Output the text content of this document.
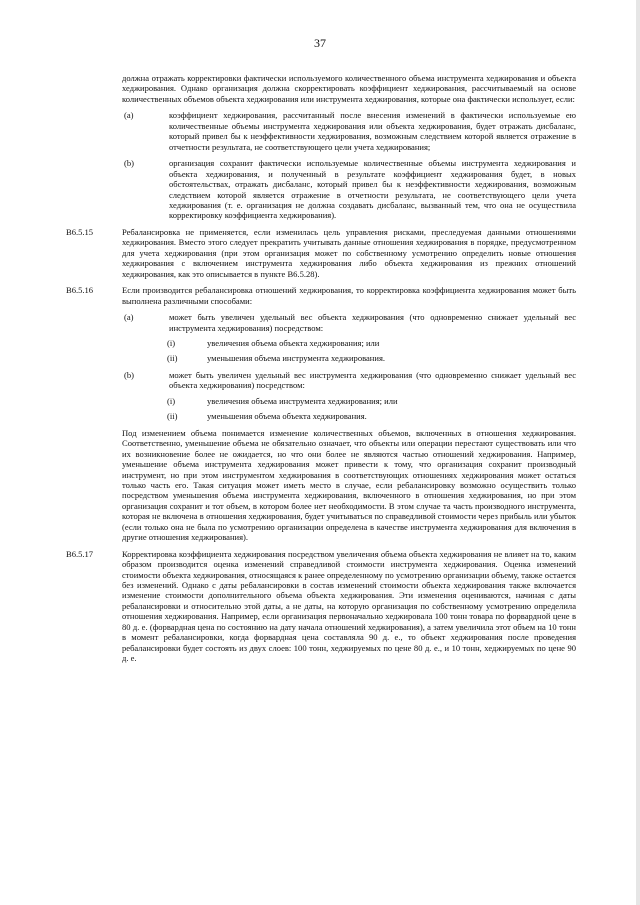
37

должна отражать корректировки фактически используемого количественного объема инструмента хеджирования и объекта хеджирования. Однако организация должна скорректировать коэффициент хеджирования, рассчитываемый на основе количественных объемов объекта хеджирования или инструмента хеджирования, которые она фактически использует, если:

(a)	коэффициент хеджирования, рассчитанный после внесения изменений в фактически используемые ею количественные объемы инструмента хеджирования или объекта хеджирования, будет отражать дисбаланс, который привел бы к неэффективности хеджирования, возможным следствием которой является отражение в отчетности результата, не соответствующего цели учета хеджирования;
(b)	организация сохранит фактически используемые количественные объемы инструмента хеджирования и объекта хеджирования, и полученный в результате коэффициент хеджирования будет, в новых обстоятельствах, отражать дисбаланс, который привел бы к неэффективности хеджирования, возможным следствием которой является отражение в отчетности результата, не соответствующего цели учета хеджирования (т. е. организация не должна создавать дисбаланс, вызванный тем, что она не осуществила корректировку коэффициента хеджирования).
B6.5.15	Ребалансировка не применяется, если изменилась цель управления рисками, преследуемая данными отношениями хеджирования. Вместо этого следует прекратить учитывать данные отношения хеджирования в порядке, предусмотренном для учета хеджирования (при этом организация может по собственному усмотрению определить новые отношения хеджирования с включением инструмента хеджирования либо объекта хеджирования из прежних отношений хеджирования, как это описывается в пункте B6.5.28).

B6.5.16	Если производится ребалансировка отношений хеджирования, то корректировка коэффициента хеджирования может быть выполнена различными способами:

(a)	может быть увеличен удельный вес объекта хеджирования (что одновременно снижает удельный вес инструмента хеджирования) посредством:
(i)	увеличения объема объекта хеджирования; или
(ii)	уменьшения объема инструмента хеджирования.
(b)	может быть увеличен удельный вес инструмента хеджирования (что одновременно снижает удельный вес объекта хеджирования) посредством:
(i)	увеличения объема инструмента хеджирования; или
(ii)	уменьшения объема объекта хеджирования.

Под изменением объема понимается изменение количественных объемов, включенных в отношения хеджирования. Соответственно, уменьшение объема не обязательно означает, что объекты или операции перестают существовать или что их возникновение более не ожидается, но что они более не являются частью отношений хеджирования. Например, уменьшение объема инструмента хеджирования может привести к тому, что организация сохранит производный инструмент, но при этом инструментом хеджирования в соответствующих отношениях хеджирования может остаться только часть его. Такая ситуация может иметь место в случае, если ребалансировку возможно осуществить только посредством уменьшения объема инструмента хеджирования, включенного в отношения хеджирования, но при этом организация сохранит и тот объем, в котором более нет необходимости. В этом случае та часть производного инструмента, которая не включена в отношения хеджирования, будет учитываться по справедливой стоимости через прибыль или убыток (если только она не была по усмотрению организации определена в качестве инструмента хеджирования для включения в другие отношения хеджирования).

B6.5.17	Корректировка коэффициента хеджирования посредством увеличения объема объекта хеджирования не влияет на то, каким образом производится оценка изменений справедливой стоимости инструмента хеджирования. Оценка изменений стоимости объекта хеджирования, относящаяся к ранее определенному по усмотрению организации объему, также остается без изменений. Однако с даты ребалансировки в состав изменений стоимости объекта хеджирования также включается изменение стоимости дополнительного объема объекта хеджирования. Эти изменения оцениваются, начиная с даты ребалансировки и относительно этой даты, а не даты, на которую организация по собственному усмотрению определила отношения хеджирования. Например, если организация первоначально хеджировала 100 тонн товара по форвардной цене в 80 д. е. (форвардная цена по состоянию на дату начала отношений хеджирования), а затем увеличила этот объем на 10 тонн в момент ребалансировки, когда форвардная цена составляла 90 д. е., то объект хеджирования после проведения ребалансировки будет состоять из двух слоев: 100 тонн, хеджируемых по цене 80 д. е., и 10 тонн, хеджируемых по цене 90 д. е.
